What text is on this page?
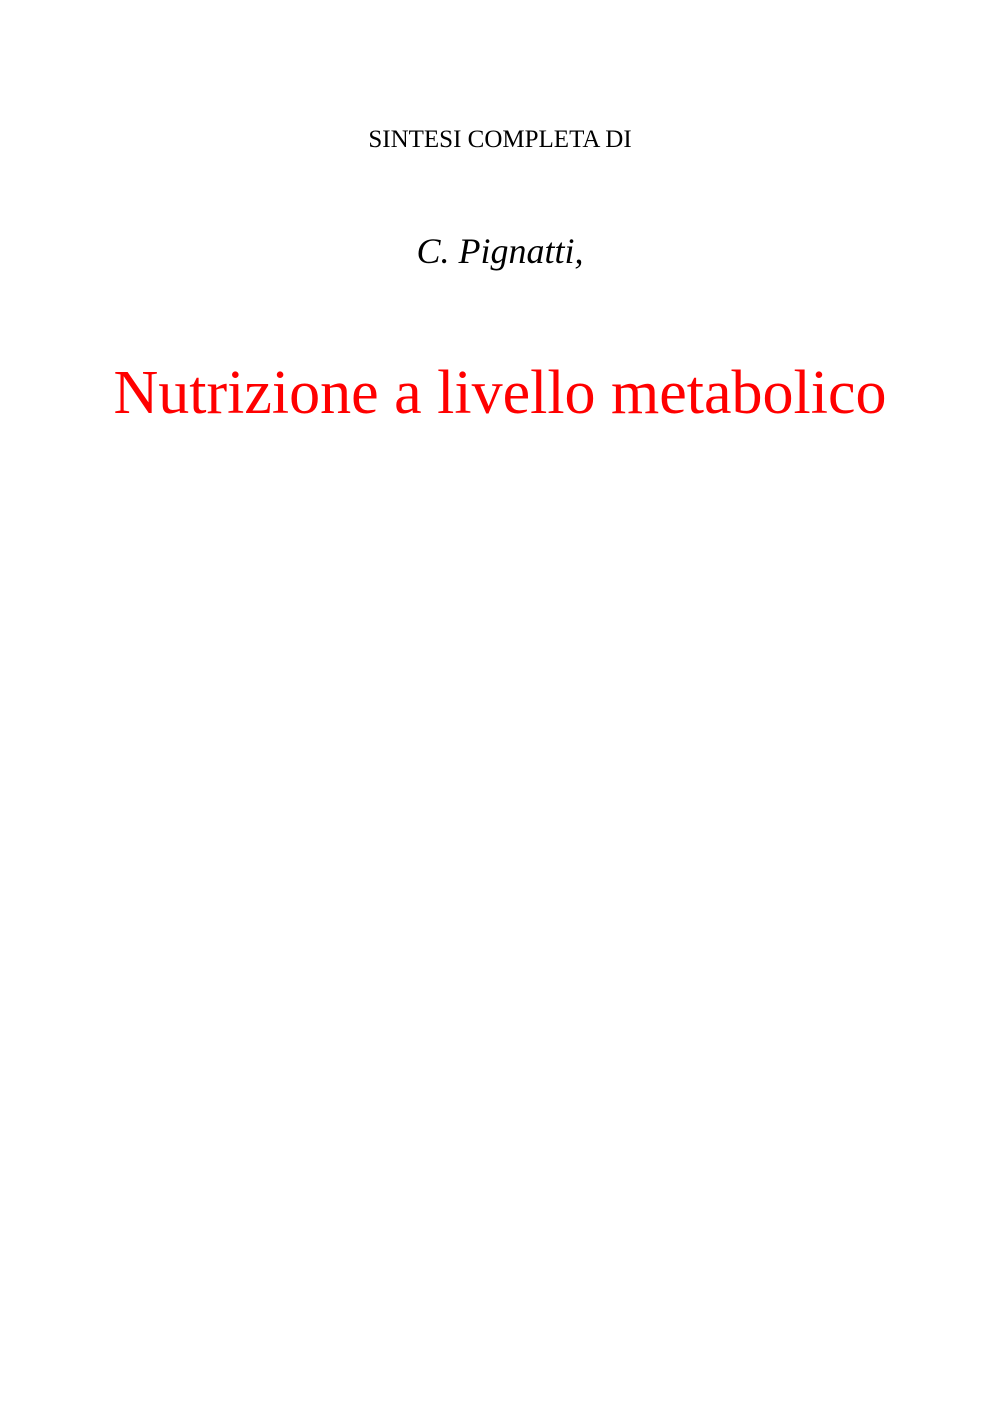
SINTESI COMPLETA DI
C. Pignatti,
Nutrizione a livello metabolico
